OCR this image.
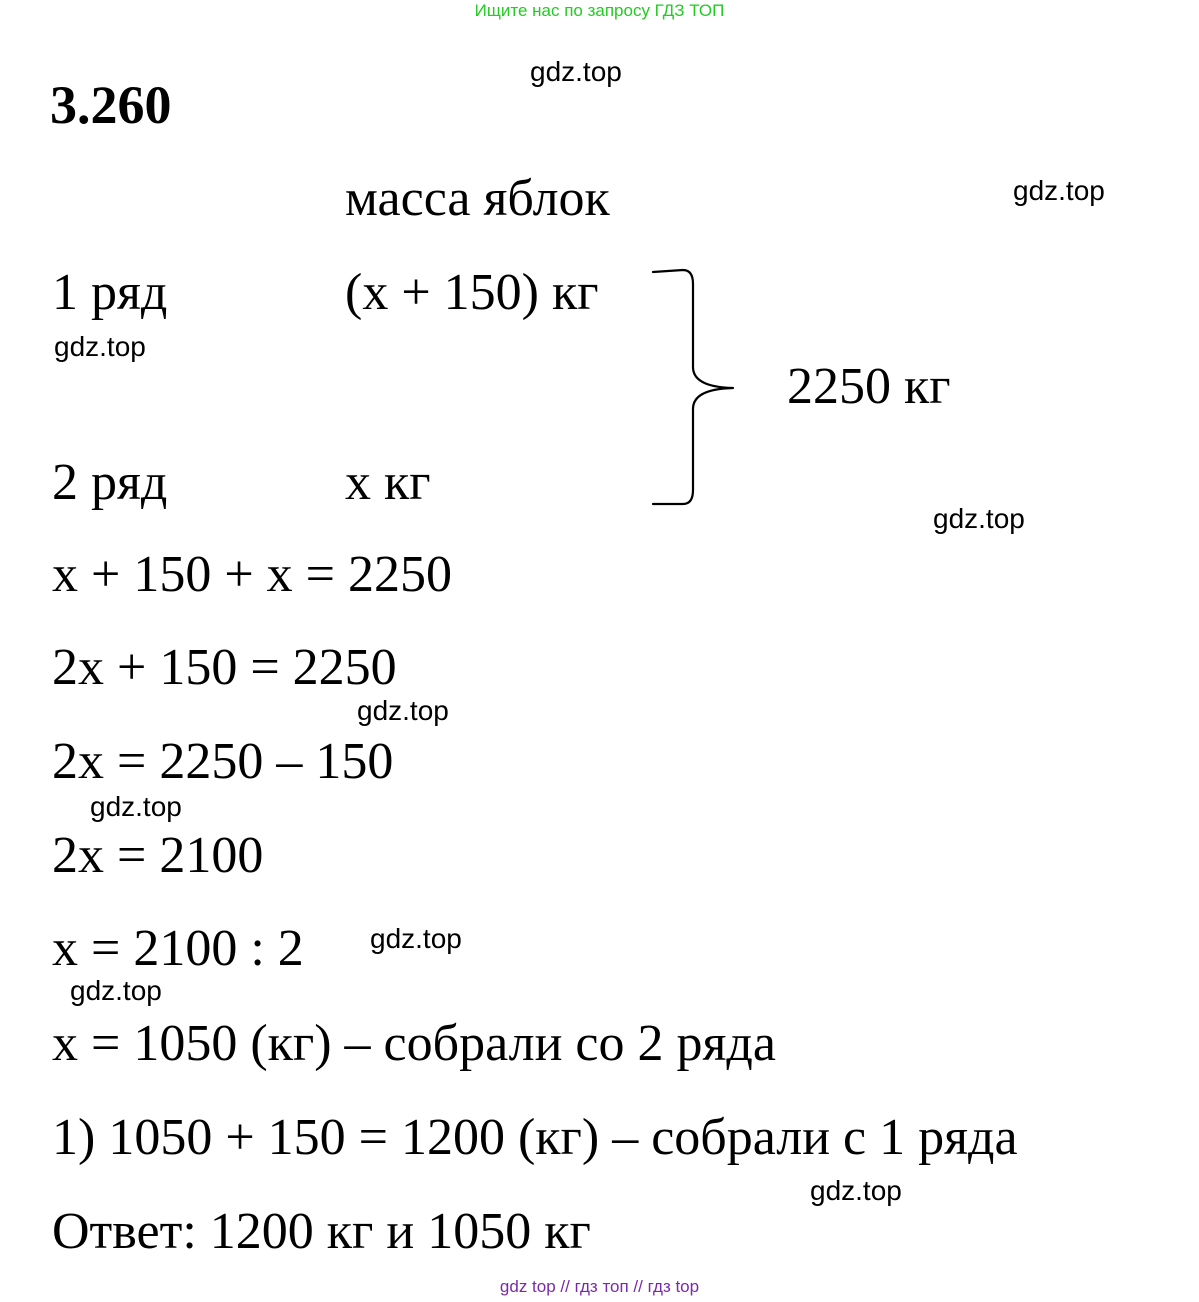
Ищите нас по запросу ГДЗ ТОП
3.260
масса яблок
1 ряд	(x + 150) кг
2 ряд	x кг
2250 кг
x + 150 + x = 2250
2x + 150 = 2250
2x = 2250 – 150
2x = 2100
x = 2100 : 2
x = 1050 (кг) – собрали со 2 ряда
1) 1050 + 150 = 1200 (кг) – собрали с 1 ряда
Ответ: 1200 кг и 1050 кг
gdz.top
gdz.top
gdz.top
gdz.top
gdz.top
gdz.top
gdz.top
gdz.top
gdz.top
gdz top // гдз топ // гдз top
